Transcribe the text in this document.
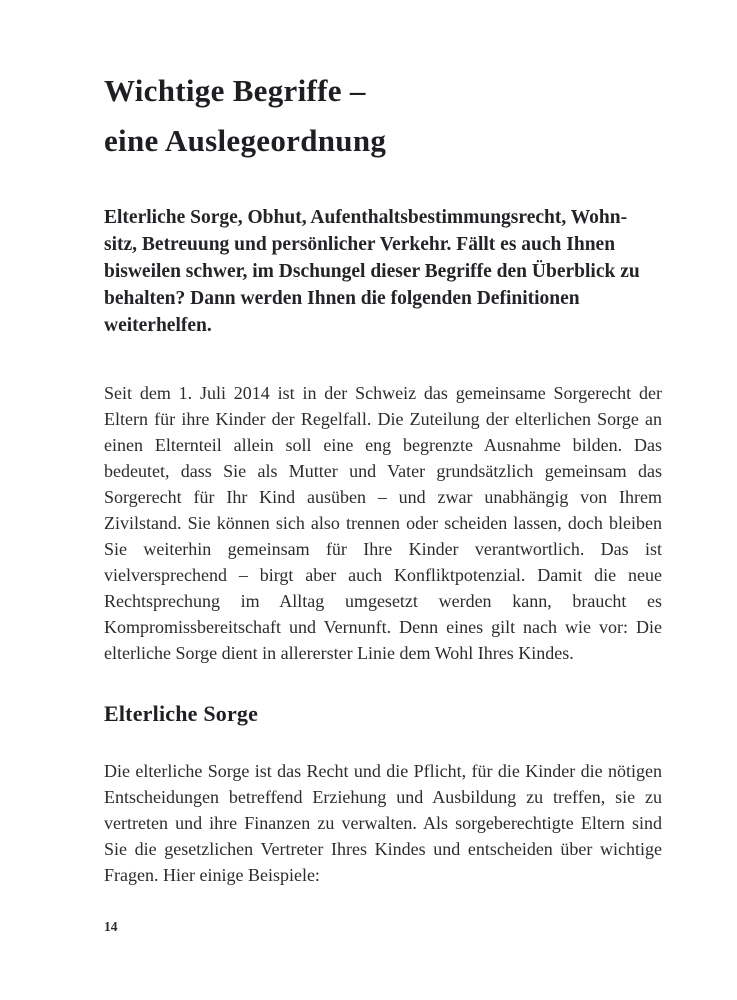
Wichtige Begriffe –
eine Auslegeordnung

Elterliche Sorge, Obhut, Aufenthaltsbestimmungsrecht, Wohnsitz, Betreuung und persönlicher Verkehr. Fällt es auch Ihnen bisweilen schwer, im Dschungel dieser Begriffe den Überblick zu behalten? Dann werden Ihnen die folgenden Definitionen weiterhelfen.

Seit dem 1. Juli 2014 ist in der Schweiz das gemeinsame Sorgerecht der Eltern für ihre Kinder der Regelfall. Die Zuteilung der elterlichen Sorge an einen Elternteil allein soll eine eng begrenzte Ausnahme bilden. Das bedeutet, dass Sie als Mutter und Vater grundsätzlich gemeinsam das Sorgerecht für Ihr Kind ausüben – und zwar unabhängig von Ihrem Zivilstand. Sie können sich also trennen oder scheiden lassen, doch bleiben Sie weiterhin gemeinsam für Ihre Kinder verantwortlich. Das ist vielversprechend – birgt aber auch Konfliktpotenzial. Damit die neue Rechtsprechung im Alltag umgesetzt werden kann, braucht es Kompromissbereitschaft und Vernunft. Denn eines gilt nach wie vor: Die elterliche Sorge dient in allererster Linie dem Wohl Ihres Kindes.

Elterliche Sorge

Die elterliche Sorge ist das Recht und die Pflicht, für die Kinder die nötigen Entscheidungen betreffend Erziehung und Ausbildung zu treffen, sie zu vertreten und ihre Finanzen zu verwalten. Als sorgeberechtigte Eltern sind Sie die gesetzlichen Vertreter Ihres Kindes und entscheiden über wichtige Fragen. Hier einige Beispiele:

14
